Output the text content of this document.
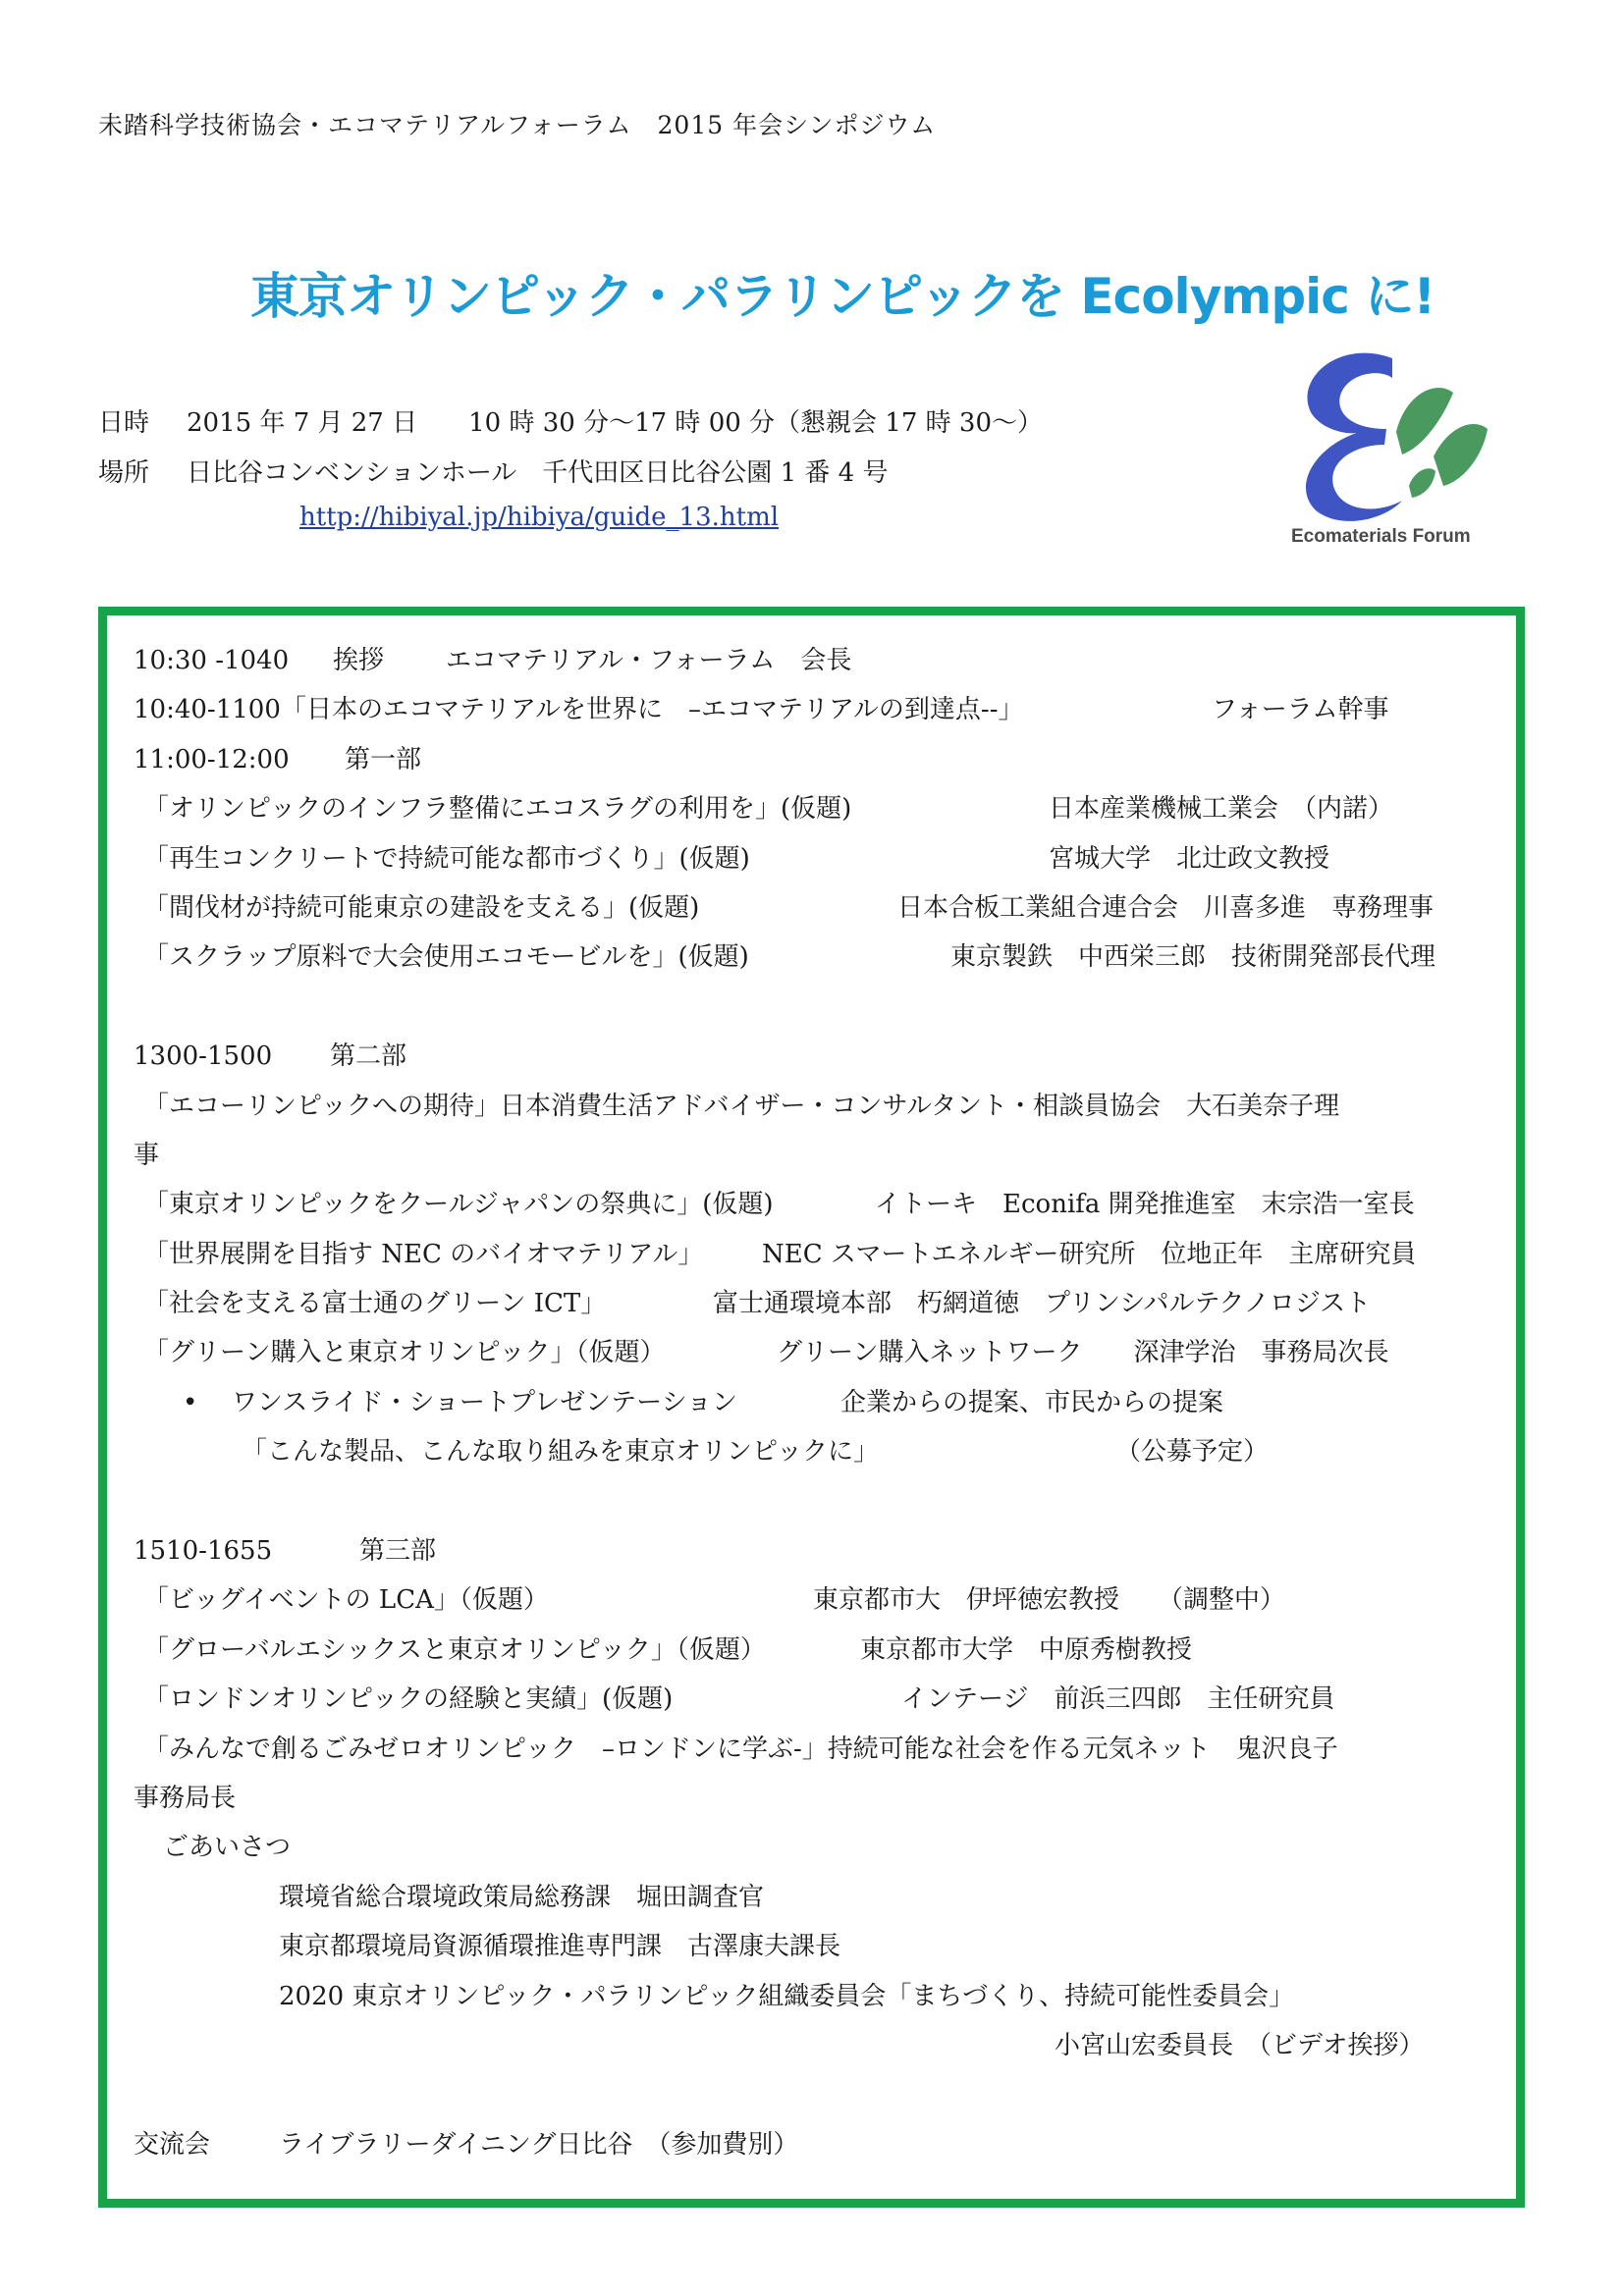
未踏科学技術協会・エコマテリアルフォーラム　2015 年会シンポジウム
東京オリンピック・パラリンピックを Ecolympic に!
日時 2015 年 7 月 27 日　　10 時 30 分～17 時 00 分（懇親会 17 時 30～）
場所 日比谷コンベンションホール　千代田区日比谷公園 1 番 4 号
http://hibiyal.jp/hibiya/guide_13.html
Ecomaterials Forum
10:30 -1040 挨拶 エコマテリアル・フォーラム　会長
10:40-1100 「日本のエコマテリアルを世界に　–エコマテリアルの到達点--」	フォーラム幹事
11:00-12:00 第一部
「オリンピックのインフラ整備にエコスラグの利用を」(仮題)	日本産業機械工業会　（内諾）
「再生コンクリートで持続可能な都市づくり」(仮題)	宮城大学　北辻政文教授
「間伐材が持続可能東京の建設を支える」(仮題)	日本合板工業組合連合会　川喜多進　専務理事
「スクラップ原料で大会使用エコモービルを」(仮題)	東京製鉄　中西栄三郎　技術開発部長代理
1300-1500 第二部
「エコーリンピックへの期待」日本消費生活アドバイザー・コンサルタント・相談員協会　大石美奈子理
事
「東京オリンピックをクールジャパンの祭典に」(仮題)	イトーキ　Econifa 開発推進室　末宗浩一室長
「世界展開を目指す NEC のバイオマテリアル」 NEC スマートエネルギー研究所　位地正年　主席研究員
「社会を支える富士通のグリーン ICT」	富士通環境本部　朽網道徳　プリンシパルテクノロジスト
「グリーン購入と東京オリンピック」（仮題）	グリーン購入ネットワーク　　深津学治　事務局次長
• ワンスライド・ショートプレゼンテーション	企業からの提案、市民からの提案
「こんな製品、こんな取り組みを東京オリンピックに」	（公募予定）
1510-1655	第三部
「ビッグイベントの LCA」（仮題）	東京都市大　伊坪徳宏教授　　（調整中）
「グローバルエシックスと東京オリンピック」（仮題）	東京都市大学　中原秀樹教授
「ロンドンオリンピックの経験と実績」(仮題)	インテージ　前浜三四郎　主任研究員
「みんなで創るごみゼロオリンピック　–ロンドンに学ぶ-」持続可能な社会を作る元気ネット　鬼沢良子
事務局長
ごあいさつ
環境省総合環境政策局総務課　堀田調査官
東京都環境局資源循環推進専門課　古澤康夫課長
2020 東京オリンピック・パラリンピック組織委員会「まちづくり、持続可能性委員会」
小宮山宏委員長　（ビデオ挨拶）
交流会	ライブラリーダイニング日比谷　（参加費別）
